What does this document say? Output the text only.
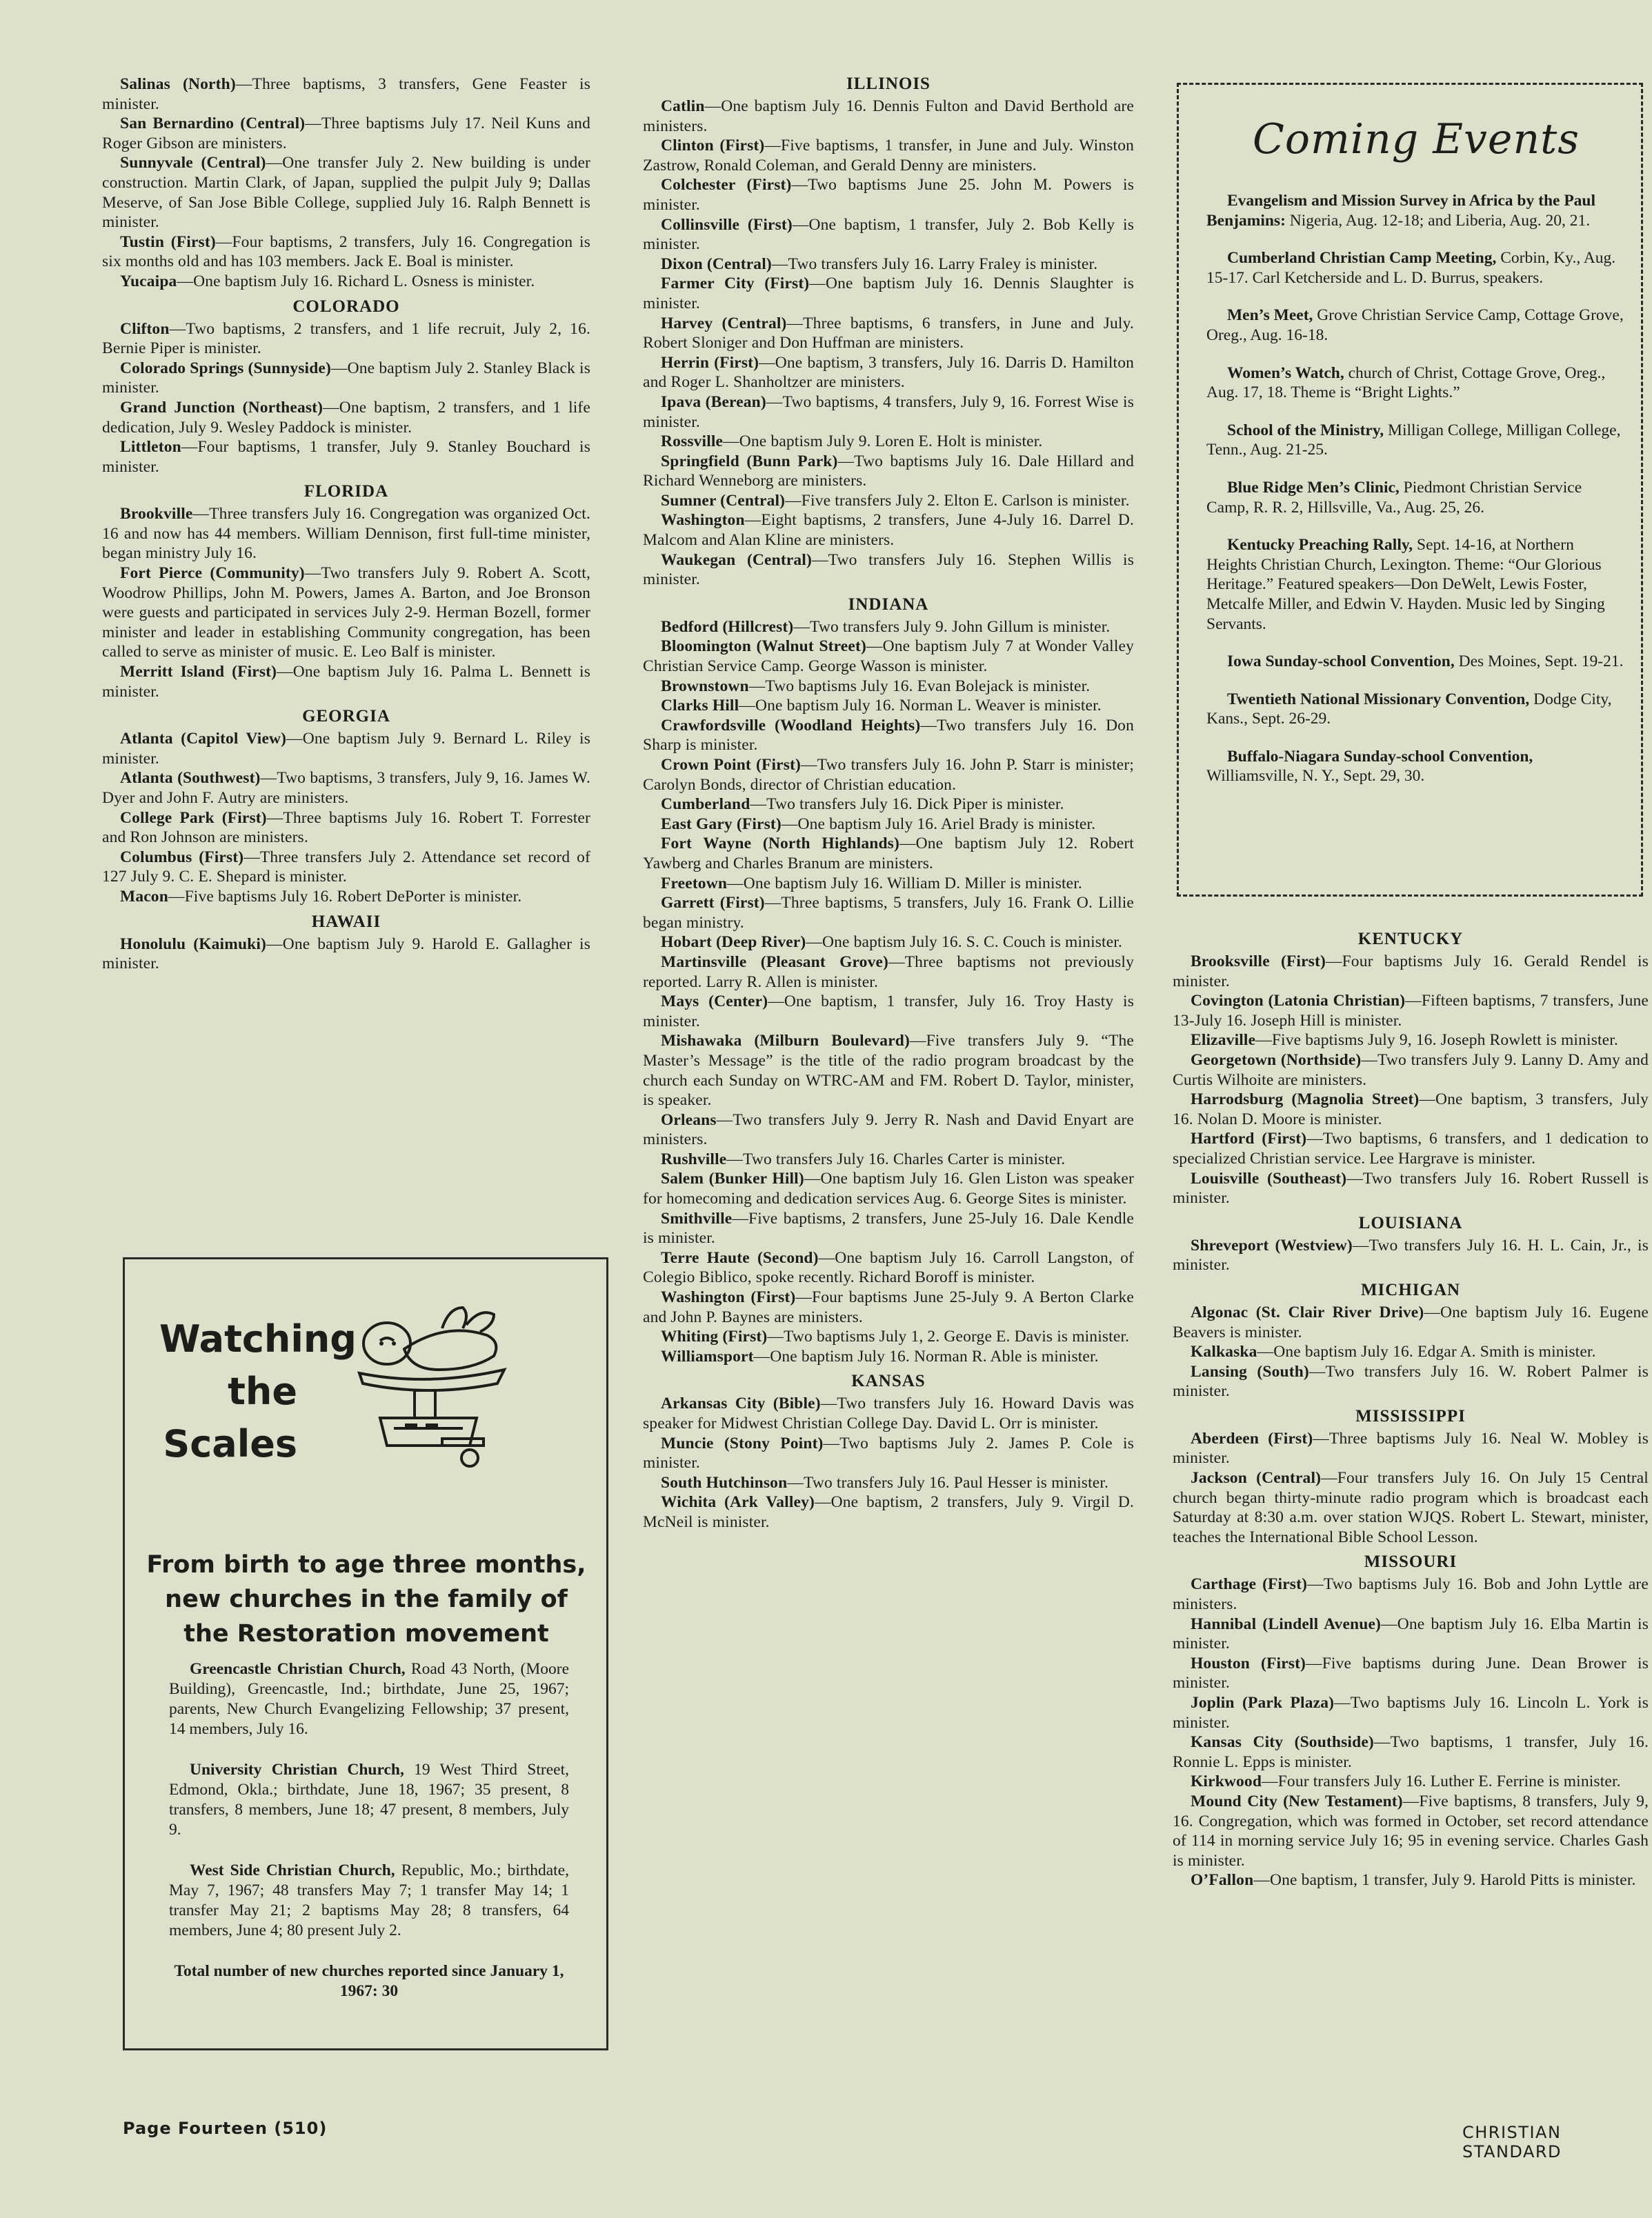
Salinas (North)—Three baptisms, 3 transfers, Gene Feaster is minister.

San Bernardino (Central)—Three baptisms July 17. Neil Kuns and Roger Gibson are ministers.

Sunnyvale (Central)—One transfer July 2. New building is under construction. Martin Clark, of Japan, supplied the pulpit July 9; Dallas Meserve, of San Jose Bible College, supplied July 16. Ralph Bennett is minister.

Tustin (First)—Four baptisms, 2 transfers, July 16. Congregation is six months old and has 103 members. Jack E. Boal is minister.

Yucaipa—One baptism July 16. Richard L. Osness is minister.

COLORADO

Clifton—Two baptisms, 2 transfers, and 1 life recruit, July 2, 16. Bernie Piper is minister.

Colorado Springs (Sunnyside)—One baptism July 2. Stanley Black is minister.

Grand Junction (Northeast)—One baptism, 2 transfers, and 1 life dedication, July 9. Wesley Paddock is minister.

Littleton—Four baptisms, 1 transfer, July 9. Stanley Bouchard is minister.

FLORIDA

Brookville—Three transfers July 16. Congregation was organized Oct. 16 and now has 44 members. William Dennison, first full-time minister, began ministry July 16.

Fort Pierce (Community)—Two transfers July 9. Robert A. Scott, Woodrow Phillips, John M. Powers, James A. Barton, and Joe Bronson were guests and participated in services July 2-9. Herman Bozell, former minister and leader in establishing Community congregation, has been called to serve as minister of music. E. Leo Balf is minister.

Merritt Island (First)—One baptism July 16. Palma L. Bennett is minister.

GEORGIA

Atlanta (Capitol View)—One baptism July 9. Bernard L. Riley is minister.

Atlanta (Southwest)—Two baptisms, 3 transfers, July 9, 16. James W. Dyer and John F. Autry are ministers.

College Park (First)—Three baptisms July 16. Robert T. Forrester and Ron Johnson are ministers.

Columbus (First)—Three transfers July 2. Attendance set record of 127 July 9. C. E. Shepard is minister.

Macon—Five baptisms July 16. Robert DePorter is minister.

HAWAII

Honolulu (Kaimuki)—One baptism July 9. Harold E. Gallagher is minister.

Watching
the
Scales
From birth to age three months, new churches in the family of the Restoration movement

Greencastle Christian Church, Road 43 North, (Moore Building), Greencastle, Ind.; birthdate, June 25, 1967; parents, New Church Evangelizing Fellowship; 37 present, 14 members, July 16.

University Christian Church, 19 West Third Street, Edmond, Okla.; birthdate, June 18, 1967; 35 present, 8 transfers, 8 members, June 18; 47 present, 8 members, July 9.

West Side Christian Church, Republic, Mo.; birthdate, May 7, 1967; 48 transfers May 7; 1 transfer May 14; 1 transfer May 21; 2 baptisms May 28; 8 transfers, 64 members, June 4; 80 present July 2.

Total number of new churches reported since January 1, 1967: 30
ILLINOIS

Catlin—One baptism July 16. Dennis Fulton and David Berthold are ministers.

Clinton (First)—Five baptisms, 1 transfer, in June and July. Winston Zastrow, Ronald Coleman, and Gerald Denny are ministers.

Colchester (First)—Two baptisms June 25. John M. Powers is minister.

Collinsville (First)—One baptism, 1 transfer, July 2. Bob Kelly is minister.

Dixon (Central)—Two transfers July 16. Larry Fraley is minister.

Farmer City (First)—One baptism July 16. Dennis Slaughter is minister.

Harvey (Central)—Three baptisms, 6 transfers, in June and July. Robert Sloniger and Don Huffman are ministers.

Herrin (First)—One baptism, 3 transfers, July 16. Darris D. Hamilton and Roger L. Shanholtzer are ministers.

Ipava (Berean)—Two baptisms, 4 transfers, July 9, 16. Forrest Wise is minister.

Rossville—One baptism July 9. Loren E. Holt is minister.

Springfield (Bunn Park)—Two baptisms July 16. Dale Hillard and Richard Wenneborg are ministers.

Sumner (Central)—Five transfers July 2. Elton E. Carlson is minister.

Washington—Eight baptisms, 2 transfers, June 4-July 16. Darrel D. Malcom and Alan Kline are ministers.

Waukegan (Central)—Two transfers July 16. Stephen Willis is minister.

INDIANA

Bedford (Hillcrest)—Two transfers July 9. John Gillum is minister.

Bloomington (Walnut Street)—One baptism July 7 at Wonder Valley Christian Service Camp. George Wasson is minister.

Brownstown—Two baptisms July 16. Evan Bolejack is minister.

Clarks Hill—One baptism July 16. Norman L. Weaver is minister.

Crawfordsville (Woodland Heights)—Two transfers July 16. Don Sharp is minister.

Crown Point (First)—Two transfers July 16. John P. Starr is minister; Carolyn Bonds, director of Christian education.

Cumberland—Two transfers July 16. Dick Piper is minister.

East Gary (First)—One baptism July 16. Ariel Brady is minister.

Fort Wayne (North Highlands)—One baptism July 12. Robert Yawberg and Charles Branum are ministers.

Freetown—One baptism July 16. William D. Miller is minister.

Garrett (First)—Three baptisms, 5 transfers, July 16. Frank O. Lillie began ministry.

Hobart (Deep River)—One baptism July 16. S. C. Couch is minister.

Martinsville (Pleasant Grove)—Three baptisms not previously reported. Larry R. Allen is minister.

Mays (Center)—One baptism, 1 transfer, July 16. Troy Hasty is minister.

Mishawaka (Milburn Boulevard)—Five transfers July 9. “The Master’s Message” is the title of the radio program broadcast by the church each Sunday on WTRC-AM and FM. Robert D. Taylor, minister, is speaker.

Orleans—Two transfers July 9. Jerry R. Nash and David Enyart are ministers.

Rushville—Two transfers July 16. Charles Carter is minister.

Salem (Bunker Hill)—One baptism July 16. Glen Liston was speaker for homecoming and dedication services Aug. 6. George Sites is minister.

Smithville—Five baptisms, 2 transfers, June 25-July 16. Dale Kendle is minister.

Terre Haute (Second)—One baptism July 16. Carroll Langston, of Colegio Biblico, spoke recently. Richard Boroff is minister.

Washington (First)—Four baptisms June 25-July 9. A Berton Clarke and John P. Baynes are ministers.

Whiting (First)—Two baptisms July 1, 2. George E. Davis is minister.

Williamsport—One baptism July 16. Norman R. Able is minister.

KANSAS

Arkansas City (Bible)—Two transfers July 16. Howard Davis was speaker for Midwest Christian College Day. David L. Orr is minister.

Muncie (Stony Point)—Two baptisms July 2. James P. Cole is minister.

South Hutchinson—Two transfers July 16. Paul Hesser is minister.

Wichita (Ark Valley)—One baptism, 2 transfers, July 9. Virgil D. McNeil is minister.

Coming Events

Evangelism and Mission Survey in Africa by the Paul Benjamins: Nigeria, Aug. 12-18; and Liberia, Aug. 20, 21.

Cumberland Christian Camp Meeting, Corbin, Ky., Aug. 15-17. Carl Ketcherside and L. D. Burrus, speakers.

Men’s Meet, Grove Christian Service Camp, Cottage Grove, Oreg., Aug. 16-18.

Women’s Watch, church of Christ, Cottage Grove, Oreg., Aug. 17, 18. Theme is “Bright Lights.”

School of the Ministry, Milligan College, Milligan College, Tenn., Aug. 21-25.

Blue Ridge Men’s Clinic, Piedmont Christian Service Camp, R. R. 2, Hillsville, Va., Aug. 25, 26.

Kentucky Preaching Rally, Sept. 14-16, at Northern Heights Christian Church, Lexington. Theme: “Our Glorious Heritage.” Featured speakers—Don DeWelt, Lewis Foster, Metcalfe Miller, and Edwin V. Hayden. Music led by Singing Servants.

Iowa Sunday-school Convention, Des Moines, Sept. 19-21.

Twentieth National Missionary Convention, Dodge City, Kans., Sept. 26-29.

Buffalo-Niagara Sunday-school Convention, Williamsville, N. Y., Sept. 29, 30.

KENTUCKY

Brooksville (First)—Four baptisms July 16. Gerald Rendel is minister.

Covington (Latonia Christian)—Fifteen baptisms, 7 transfers, June 13-July 16. Joseph Hill is minister.

Elizaville—Five baptisms July 9, 16. Joseph Rowlett is minister.

Georgetown (Northside)—Two transfers July 9. Lanny D. Amy and Curtis Wilhoite are ministers.

Harrodsburg (Magnolia Street)—One baptism, 3 transfers, July 16. Nolan D. Moore is minister.

Hartford (First)—Two baptisms, 6 transfers, and 1 dedication to specialized Christian service. Lee Hargrave is minister.

Louisville (Southeast)—Two transfers July 16. Robert Russell is minister.

LOUISIANA

Shreveport (Westview)—Two transfers July 16. H. L. Cain, Jr., is minister.

MICHIGAN

Algonac (St. Clair River Drive)—One baptism July 16. Eugene Beavers is minister.

Kalkaska—One baptism July 16. Edgar A. Smith is minister.

Lansing (South)—Two transfers July 16. W. Robert Palmer is minister.

MISSISSIPPI

Aberdeen (First)—Three baptisms July 16. Neal W. Mobley is minister.

Jackson (Central)—Four transfers July 16. On July 15 Central church began thirty-minute radio program which is broadcast each Saturday at 8:30 a.m. over station WJQS. Robert L. Stewart, minister, teaches the International Bible School Lesson.

MISSOURI

Carthage (First)—Two baptisms July 16. Bob and John Lyttle are ministers.

Hannibal (Lindell Avenue)—One baptism July 16. Elba Martin is minister.

Houston (First)—Five baptisms during June. Dean Brower is minister.

Joplin (Park Plaza)—Two baptisms July 16. Lincoln L. York is minister.

Kansas City (Southside)—Two baptisms, 1 transfer, July 16. Ronnie L. Epps is minister.

Kirkwood—Four transfers July 16. Luther E. Ferrine is minister.

Mound City (New Testament)—Five baptisms, 8 transfers, July 9, 16. Congregation, which was formed in October, set record attendance of 114 in morning service July 16; 95 in evening service. Charles Gash is minister.

O’Fallon—One baptism, 1 transfer, July 9. Harold Pitts is minister.

Page Fourteen (510)	CHRISTIAN STANDARD
